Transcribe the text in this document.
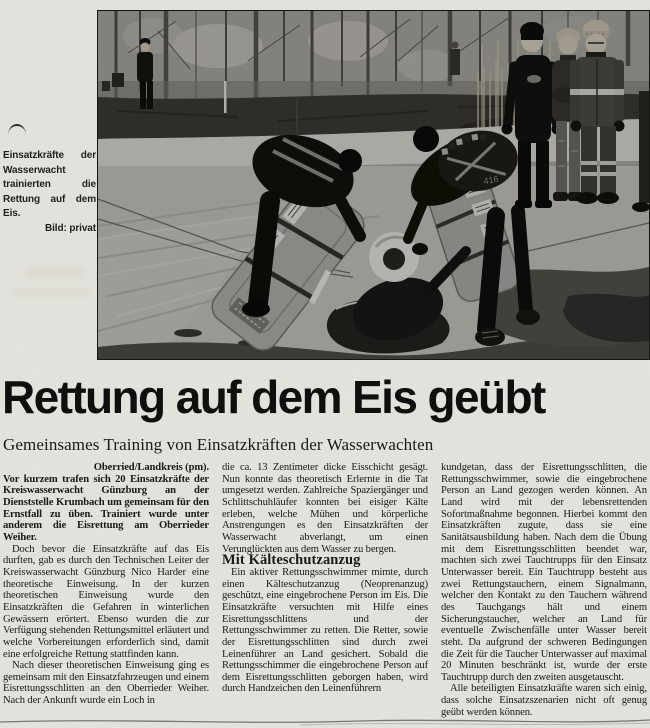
Einsatzkräfte der Wasserwacht trainierten die Rettung auf dem Eis.
Bild: privat
416
Rettung auf dem Eis geübt
Gemeinsames Training von Einsatzkräften der Wasserwachten

Oberried/Landkreis (pm).
Vor kurzem trafen sich 20 Einsatzkräfte der Kreiswasserwacht Günzburg an der Dienststelle Krumbach um gemeinsam für den Ernstfall zu üben. Trainiert wurde unter anderem die Eisrettung am Oberrieder Weiher.

Doch bevor die Einsatzkräfte auf das Eis durften, gab es durch den Technischen Leiter der Kreiswasserwacht Günzburg Nico Harder eine theoretische Einweisung. In der kurzen theoretischen Einweisung wurde den Einsatzkräften die Gefahren in winterlichen Gewässern erörtert. Ebenso wurden die zur Verfügung stehenden Rettungsmittel erläutert und welche Vorbereitungen erforderlich sind, damit eine erfolgreiche Rettung stattfinden kann.

Nach dieser theoretischen Einweisung ging es gemeinsam mit den Einsatzfahrzeugen und einem Eisrettungsschlitten an den Oberrieder Weiher. Nach der Ankunft wurde ein Loch in

die ca. 13 Zentimeter dicke Eisschicht gesägt. Nun konnte das theoretisch Erlernte in die Tat umgesetzt werden. Zahlreiche Spaziergänger und Schlittschuhläufer konnten bei eisiger Kälte erleben, welche Mühen und körperliche Anstrengungen es den Einsatzkräften der Wasserwacht abverlangt, um einen Verunglückten aus dem Wasser zu bergen.

Mit Kälteschutzanzug

Ein aktiver Rettungsschwimmer mimte, durch einen Kälteschutzanzug (Neoprenanzug) geschützt, eine eingebrochene Person im Eis. Die Einsatzkräfte versuchten mit Hilfe eines Eisrettungsschlittens und der Rettungsschwimmer zu retten. Die Retter, sowie der Eisrettungsschlitten sind durch zwei Leinenführer an Land gesichert. Sobald die Rettungsschimmer die eingebrochene Person auf dem Eisrettungsschlitten geborgen haben, wird durch Handzeichen den Leinenführern

kundgetan, dass der Eisrettungsschlitten, die Rettungsschwimmer, sowie die eingebrochene Person an Land gezogen werden können. An Land wird mit der lebensrettenden Sofortmaßnahme begonnen. Hierbei kommt den Einsatzkräften zugute, dass sie eine Sanitätsausbildung haben. Nach dem die Übung mit dem Eisrettungsschlitten beendet war, machten sich zwei Tauchtrupps für den Einsatz Unterwasser bereit. Ein Tauchtrupp besteht aus zwei Rettungstauchern, einem Signalmann, welcher den Kontakt zu den Tauchern während des Tauchgangs hält und einem Sicherungstaucher, welcher an Land für eventuelle Zwischenfälle unter Wasser bereit steht. Da aufgrund der schweren Bedingungen die Zeit für die Taucher Unterwasser auf maximal 20 Minuten beschränkt ist, wurde der erste Tauchtrupp durch den zweiten ausgetauscht.

Alle beteiligten Einsatzkräfte waren sich einig, dass solche Einsatzszenarien nicht oft genug geübt werden können.
